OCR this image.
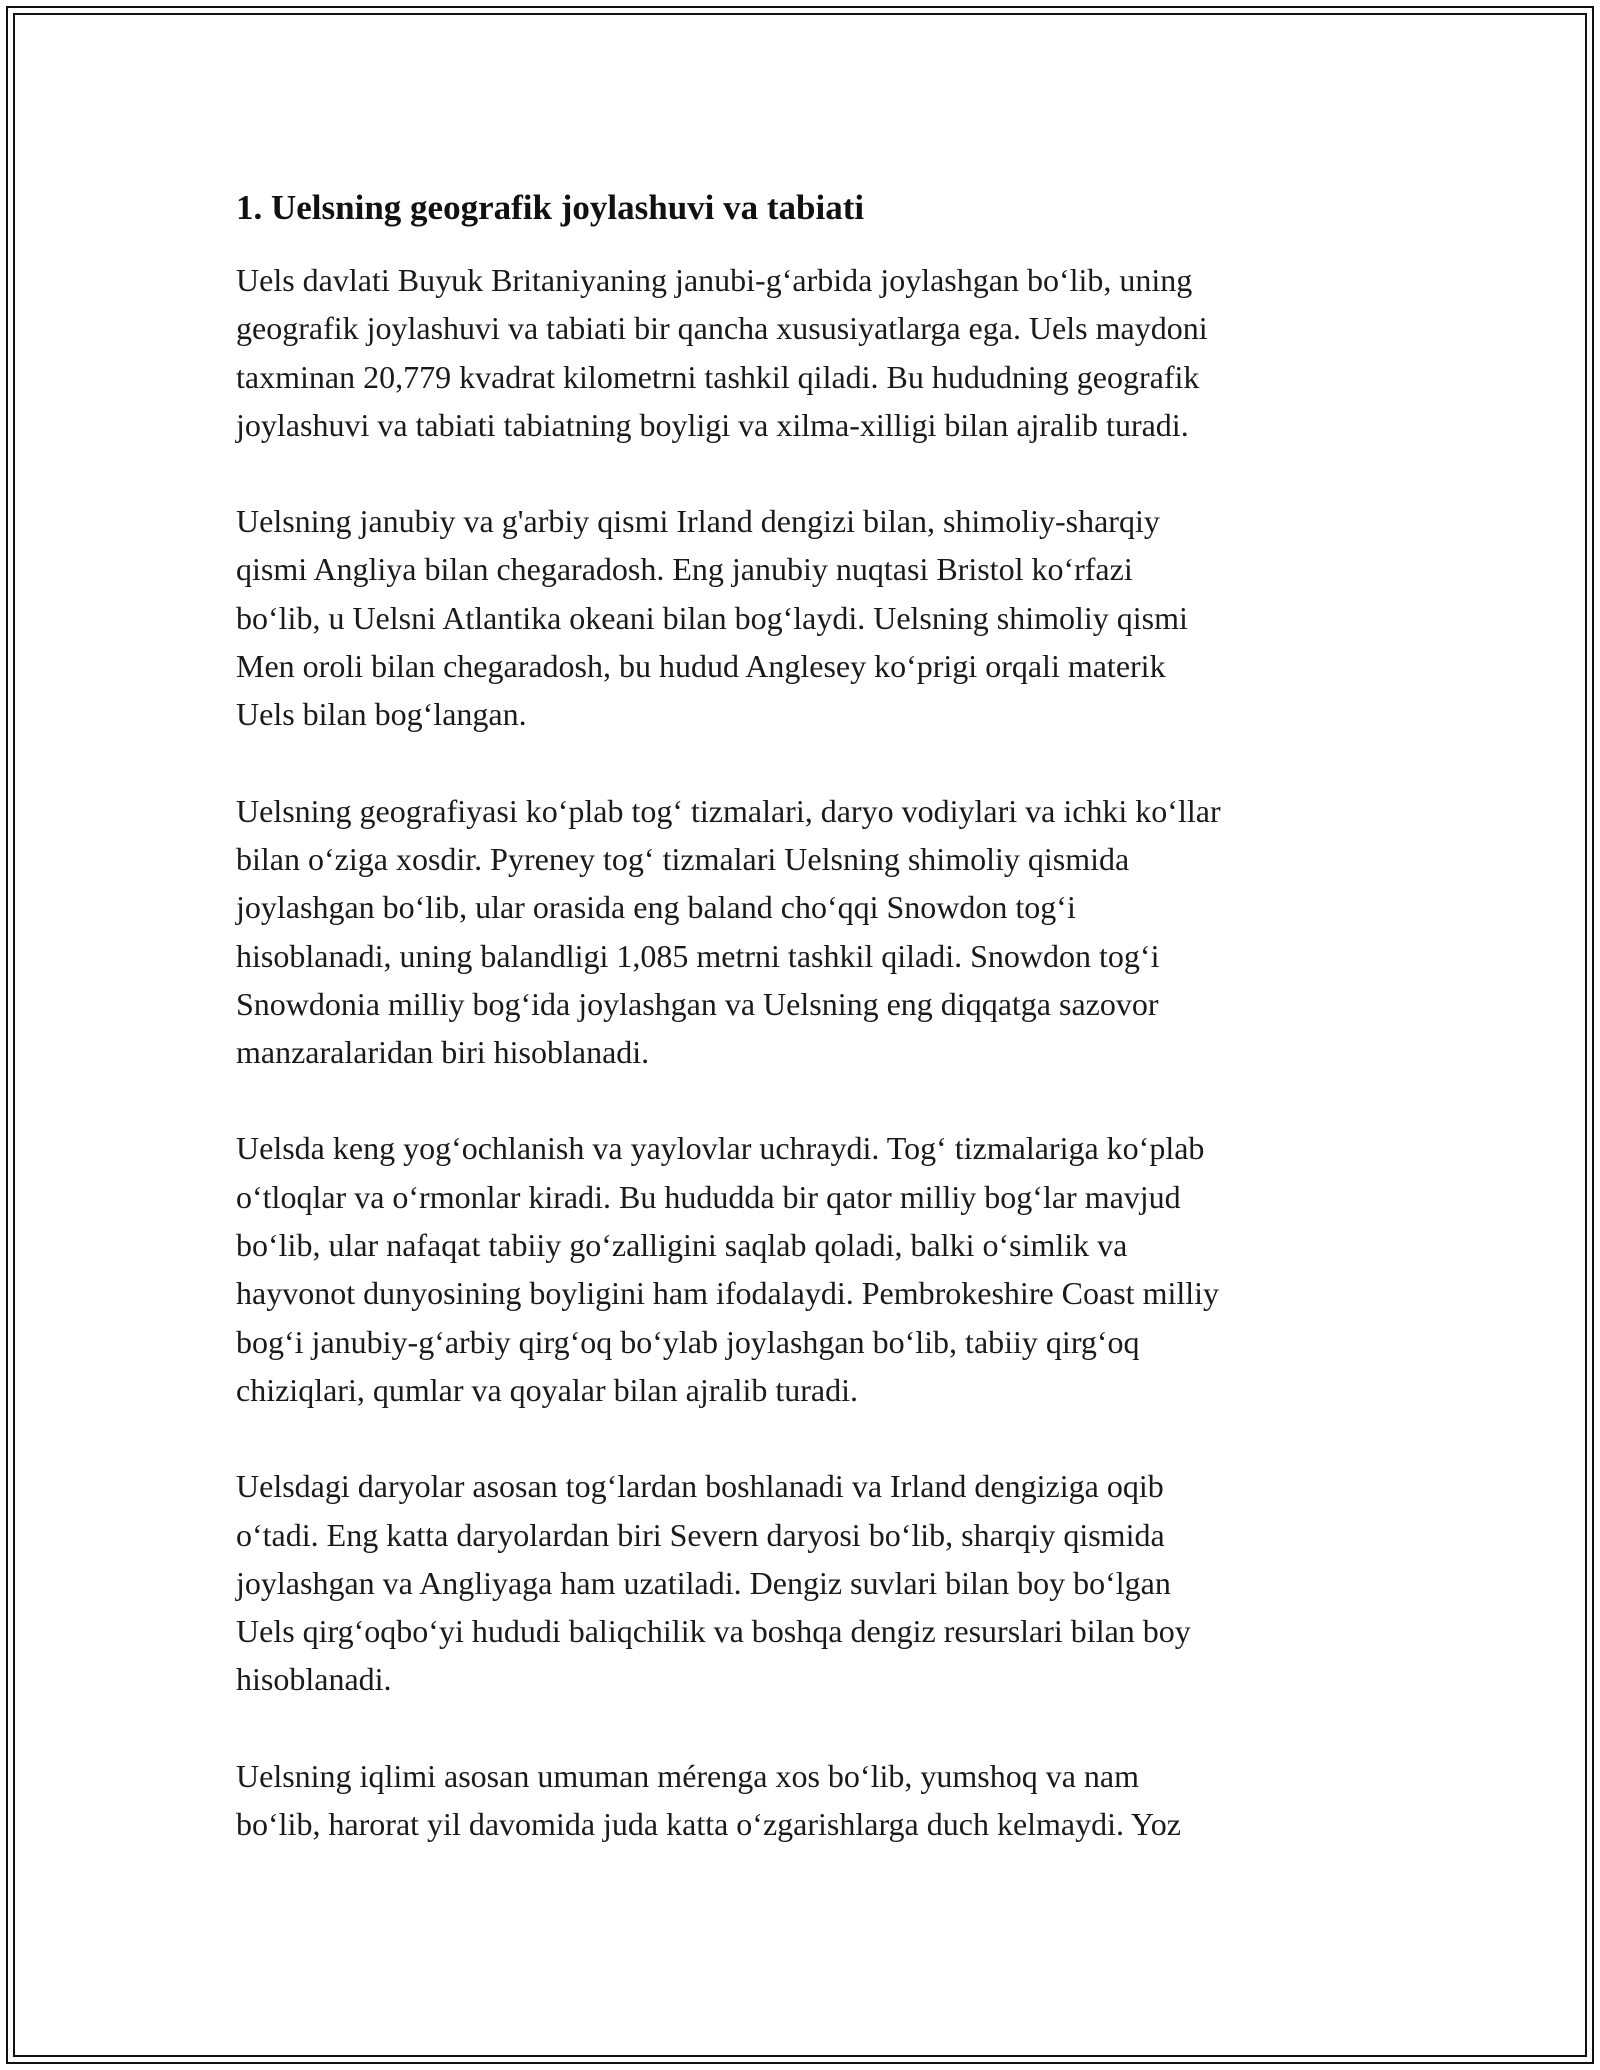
1. Uelsning geografik joylashuvi va tabiati

Uels davlati Buyuk Britaniyaning janubi-g‘arbida joylashgan bo‘lib, uning
geografik joylashuvi va tabiati bir qancha xususiyatlarga ega. Uels maydoni
taxminan 20,779 kvadrat kilometrni tashkil qiladi. Bu hududning geografik
joylashuvi va tabiati tabiatning boyligi va xilma-xilligi bilan ajralib turadi.

Uelsning janubiy va g'arbiy qismi Irland dengizi bilan, shimoliy-sharqiy
qismi Angliya bilan chegaradosh. Eng janubiy nuqtasi Bristol ko‘rfazi
bo‘lib, u Uelsni Atlantika okeani bilan bog‘laydi. Uelsning shimoliy qismi
Men oroli bilan chegaradosh, bu hudud Anglesey ko‘prigi orqali materik
Uels bilan bog‘langan.

Uelsning geografiyasi ko‘plab tog‘ tizmalari, daryo vodiylari va ichki ko‘llar
bilan o‘ziga xosdir. Pyreney tog‘ tizmalari Uelsning shimoliy qismida
joylashgan bo‘lib, ular orasida eng baland cho‘qqi Snowdon tog‘i
hisoblanadi, uning balandligi 1,085 metrni tashkil qiladi. Snowdon tog‘i
Snowdonia milliy bog‘ida joylashgan va Uelsning eng diqqatga sazovor
manzaralaridan biri hisoblanadi.

Uelsda keng yog‘ochlanish va yaylovlar uchraydi. Tog‘ tizmalariga ko‘plab
o‘tloqlar va o‘rmonlar kiradi. Bu hududda bir qator milliy bog‘lar mavjud
bo‘lib, ular nafaqat tabiiy go‘zalligini saqlab qoladi, balki o‘simlik va
hayvonot dunyosining boyligini ham ifodalaydi. Pembrokeshire Coast milliy
bog‘i janubiy-g‘arbiy qirg‘oq bo‘ylab joylashgan bo‘lib, tabiiy qirg‘oq
chiziqlari, qumlar va qoyalar bilan ajralib turadi.

Uelsdagi daryolar asosan tog‘lardan boshlanadi va Irland dengiziga oqib
o‘tadi. Eng katta daryolardan biri Severn daryosi bo‘lib, sharqiy qismida
joylashgan va Angliyaga ham uzatiladi. Dengiz suvlari bilan boy bo‘lgan
Uels qirg‘oqbo‘yi hududi baliqchilik va boshqa dengiz resurslari bilan boy
hisoblanadi.

Uelsning iqlimi asosan umuman mérenga xos bo‘lib, yumshoq va nam
bo‘lib, harorat yil davomida juda katta o‘zgarishlarga duch kelmaydi. Yoz
